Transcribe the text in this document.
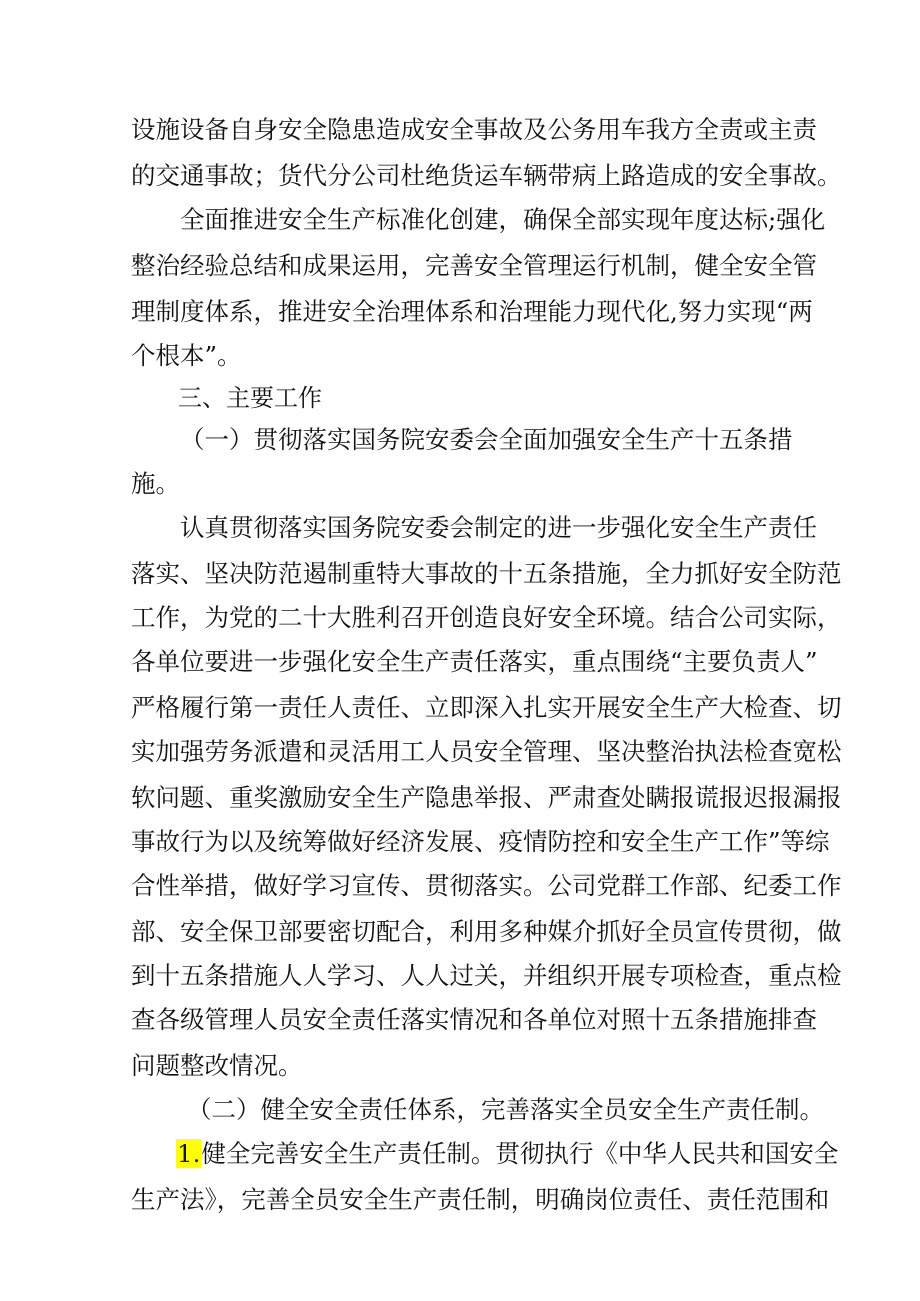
设施设备自身安全隐患造成安全事故及公务用车我方全责或主责
的交通事故；货代分公司杜绝货运车辆带病上路造成的安全事故。
全面推进安全生产标准化创建，确保全部实现年度达标;强化
整治经验总结和成果运用，完善安全管理运行机制，健全安全管
理制度体系，推进安全治理体系和治理能力现代化,努力实现“两
个根本”。
三、主要工作
（一）贯彻落实国务院安委会全面加强安全生产十五条措
施。
认真贯彻落实国务院安委会制定的进一步强化安全生产责任
落实、坚决防范遏制重特大事故的十五条措施，全力抓好安全防范
工作，为党的二十大胜利召开创造良好安全环境。结合公司实际，
各单位要进一步强化安全生产责任落实，重点围绕“主要负责人”
严格履行第一责任人责任、立即深入扎实开展安全生产大检查、切
实加强劳务派遣和灵活用工人员安全管理、坚决整治执法检查宽松
软问题、重奖激励安全生产隐患举报、严肃查处瞒报谎报迟报漏报
事故行为以及统筹做好经济发展、疫情防控和安全生产工作”等综
合性举措，做好学习宣传、贯彻落实。公司党群工作部、纪委工作
部、安全保卫部要密切配合，利用多种媒介抓好全员宣传贯彻，做
到十五条措施人人学习、人人过关，并组织开展专项检查，重点检
查各级管理人员安全责任落实情况和各单位对照十五条措施排查
问题整改情况。
（二）健全安全责任体系，完善落实全员安全生产责任制。
1.健全完善安全生产责任制。贯彻执行《中华人民共和国安全
生产法》，完善全员安全生产责任制，明确岗位责任、责任范围和
